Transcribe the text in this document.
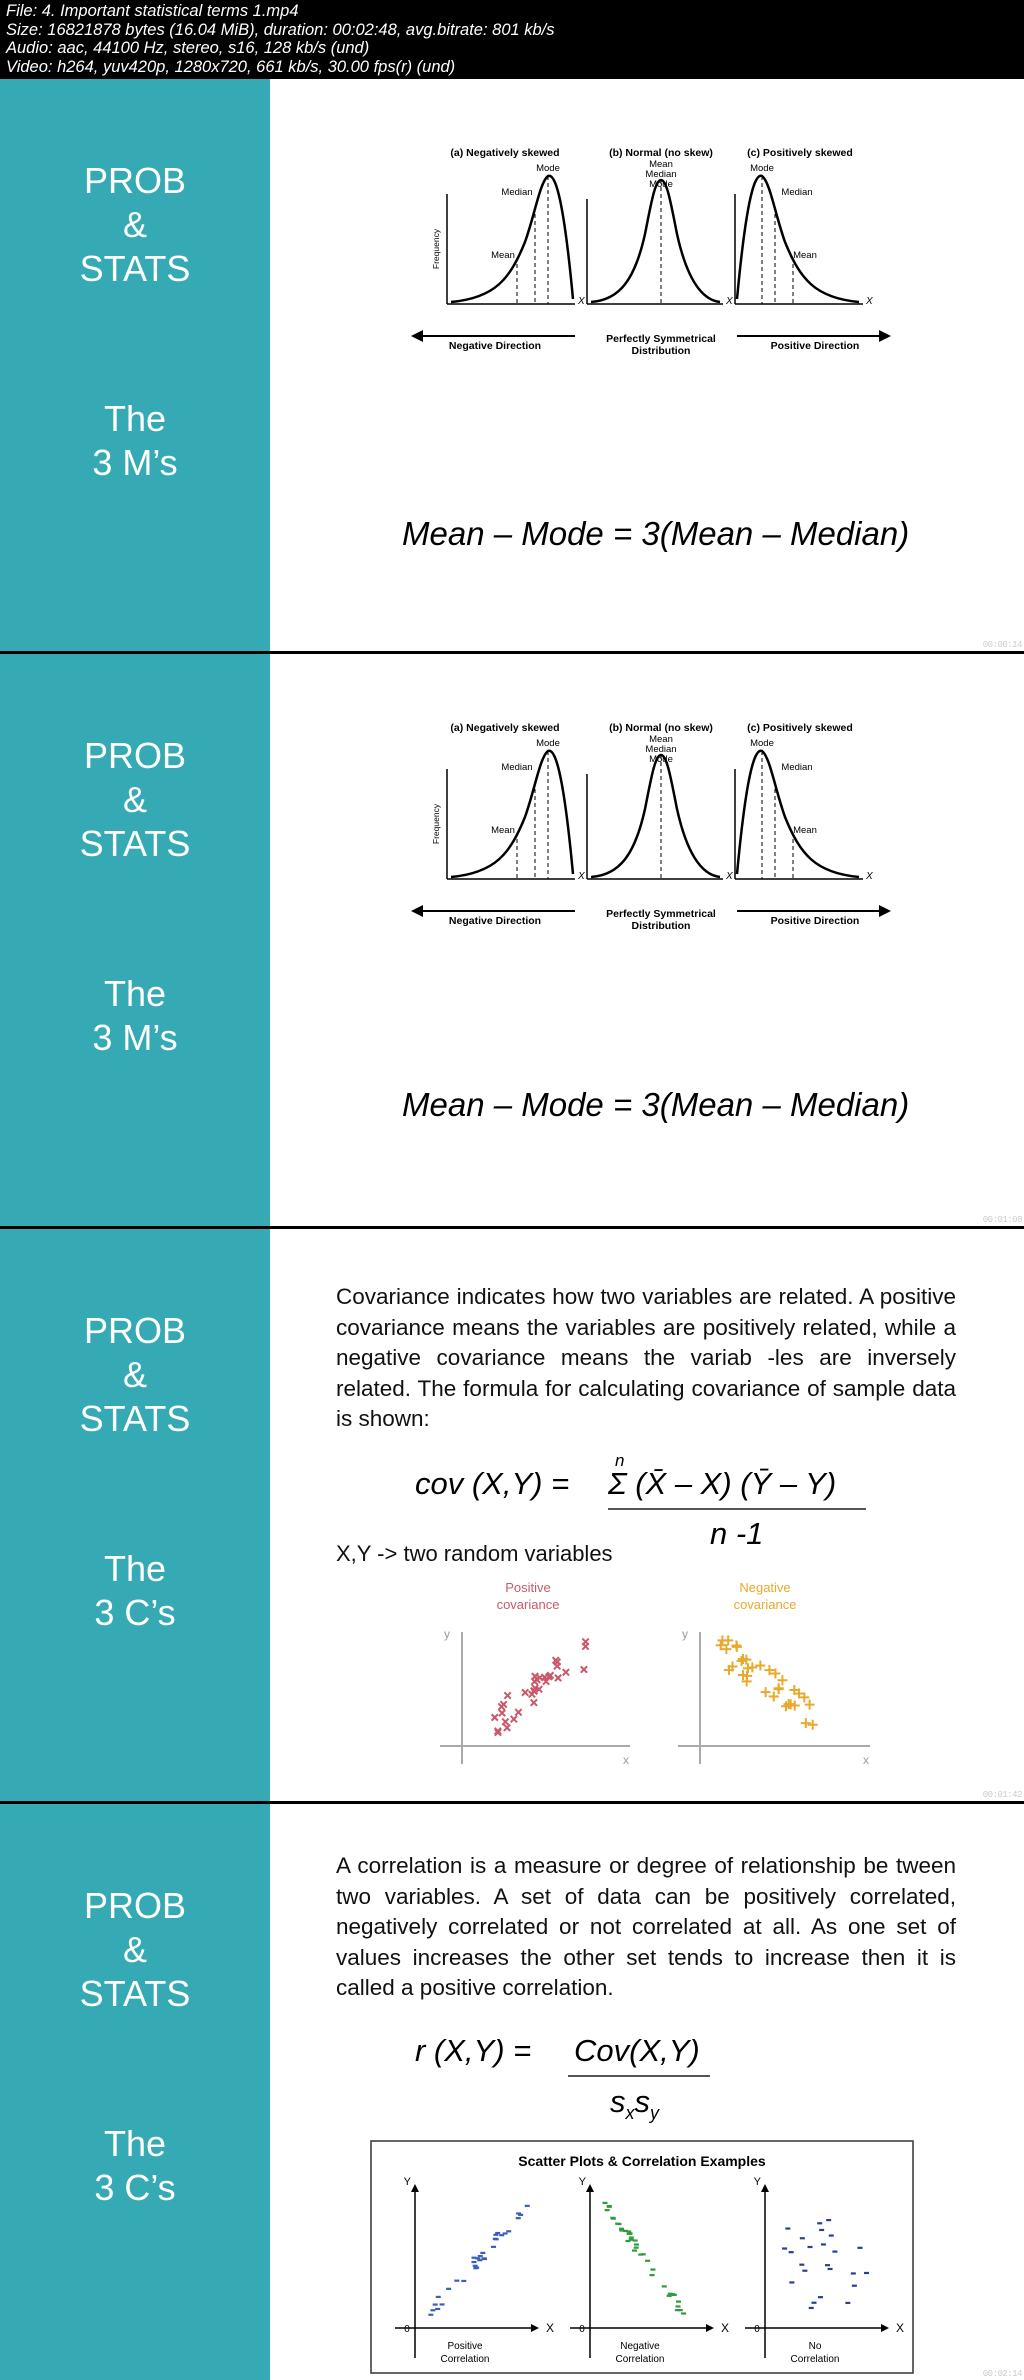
File: 4. Important statistical terms 1.mp4
Size: 16821878 bytes (16.04 MiB), duration: 00:02:48, avg.bitrate: 801 kb/s
Audio: aac, 44100 Hz, stereo, s16, 128 kb/s (und)
Video: h264, yuv420p, 1280x720, 661 kb/s, 30.00 fps(r) (und)
PROB
&
STATS
The
3 M’s
(a) Negatively skewed	(b) Normal (no skew)	(c) Positively skewed
Frequency
Mode
Median
Mean
X
Mean
Median
Mode
X
Mode
Median
Mean
X
Negative Direction
Perfectly Symmetrical
Distribution	Positive Direction
Mean – Mode = 3(Mean – Median)
00:00:14
PROB
&
STATS
The
3 M’s
(a) Negatively skewed	(b) Normal (no skew)	(c) Positively skewed
Frequency
Mode
Median
Mean
X
Mean
Median
Mode
X
Mode
Median
Mean
X
Negative Direction
Perfectly Symmetrical
Distribution	Positive Direction
Mean – Mode = 3(Mean – Median)
00:01:08
PROB
&
STATS
The
3 C’s
Covariance indicates how two variables are related. A positive covariance means the variables are positively related, while a negative covariance means the variab -les are inversely related. The formula for calculating covariance of sample data is shown:
cov (X,Y) =
n
Σ (X̄ – X) (Ȳ – Y)
n -1
X,Y -> two random variables
Positive
covariance
Negative
covariance
y
x
y
x
00:01:42
PROB
&
STATS
The
3 C’s
A correlation is a measure or degree of relationship be tween two variables. A set of data can be positively correlated, negatively correlated or not correlated at all. As one set of values increases the other set tends to increase then it is called a positive correlation.
r (X,Y) = Cov(X,Y)
$s_xs_y$
Scatter Plots & Correlation Examples
Y
X
0
Positive
Correlation
Y
X
0
Negative
Correlation
Y
X
0
No
Correlation
00:02:14
